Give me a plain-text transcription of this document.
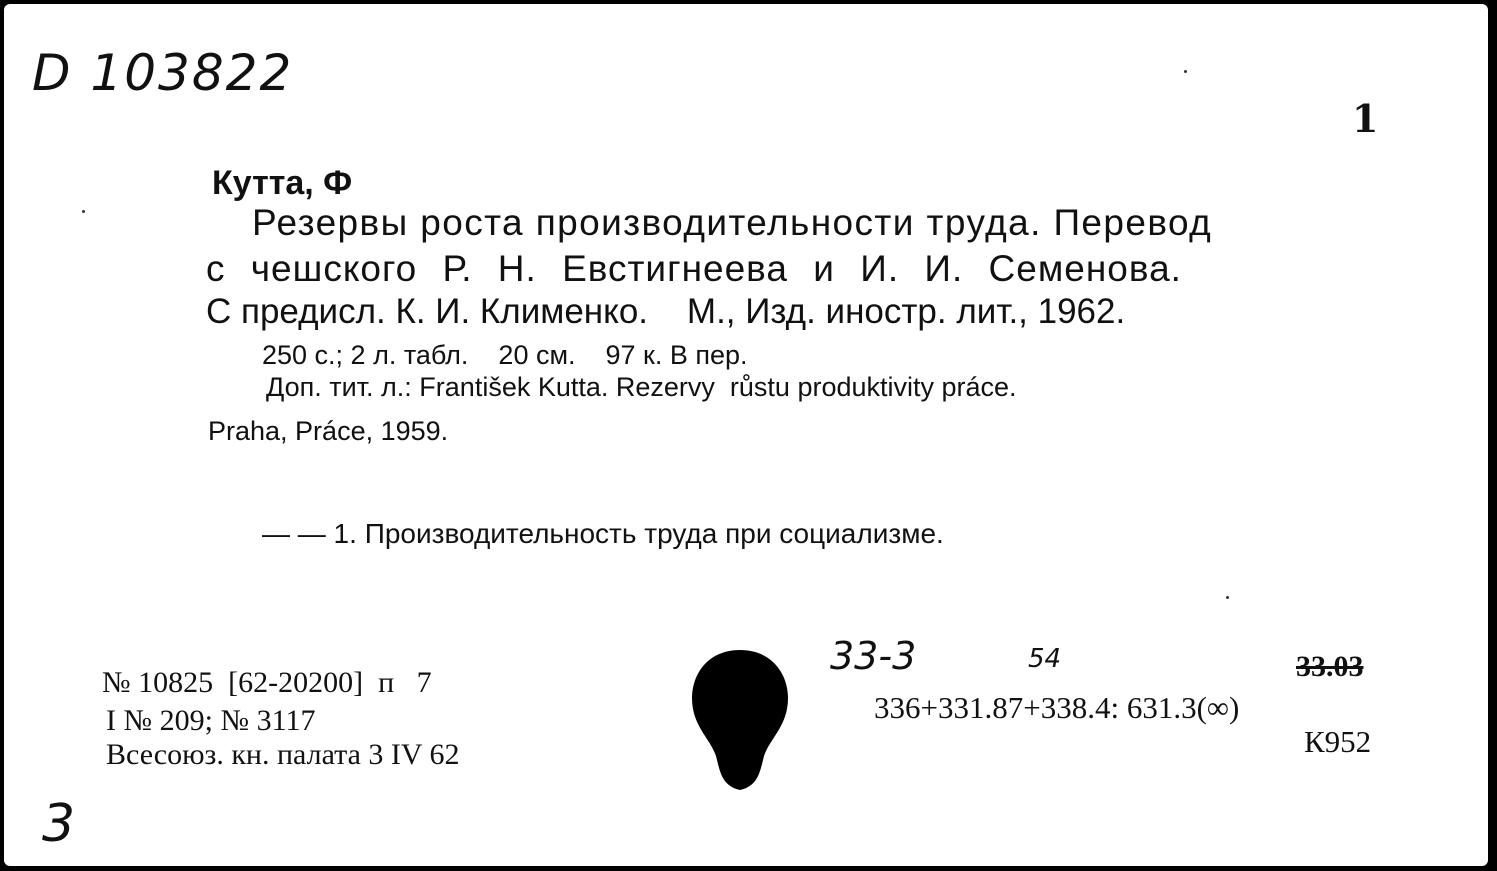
D 103822
1
Кутта, Ф
Резервы роста производительности труда. Перевод
с чешского Р. Н. Евстигнеева и И. И. Семенова.
С предисл. К. И. Клименко.    М., Изд. иностр. лит., 1962.
250 с.; 2 л. табл.    20 см.    97 к. В пер.
Доп. тит. л.: František Kutta. Rezervy  růstu produktivity práce.
Praha, Práce, 1959.
— — 1. Производительность труда при социализме.
№ 10825  [62-20200]  п   7
I № 209; № 3117
Всесоюз. кн. палата 3 IV 62
33-3	54	33.03
336+331.87+338.4: 631.3(∞)
К952
3
